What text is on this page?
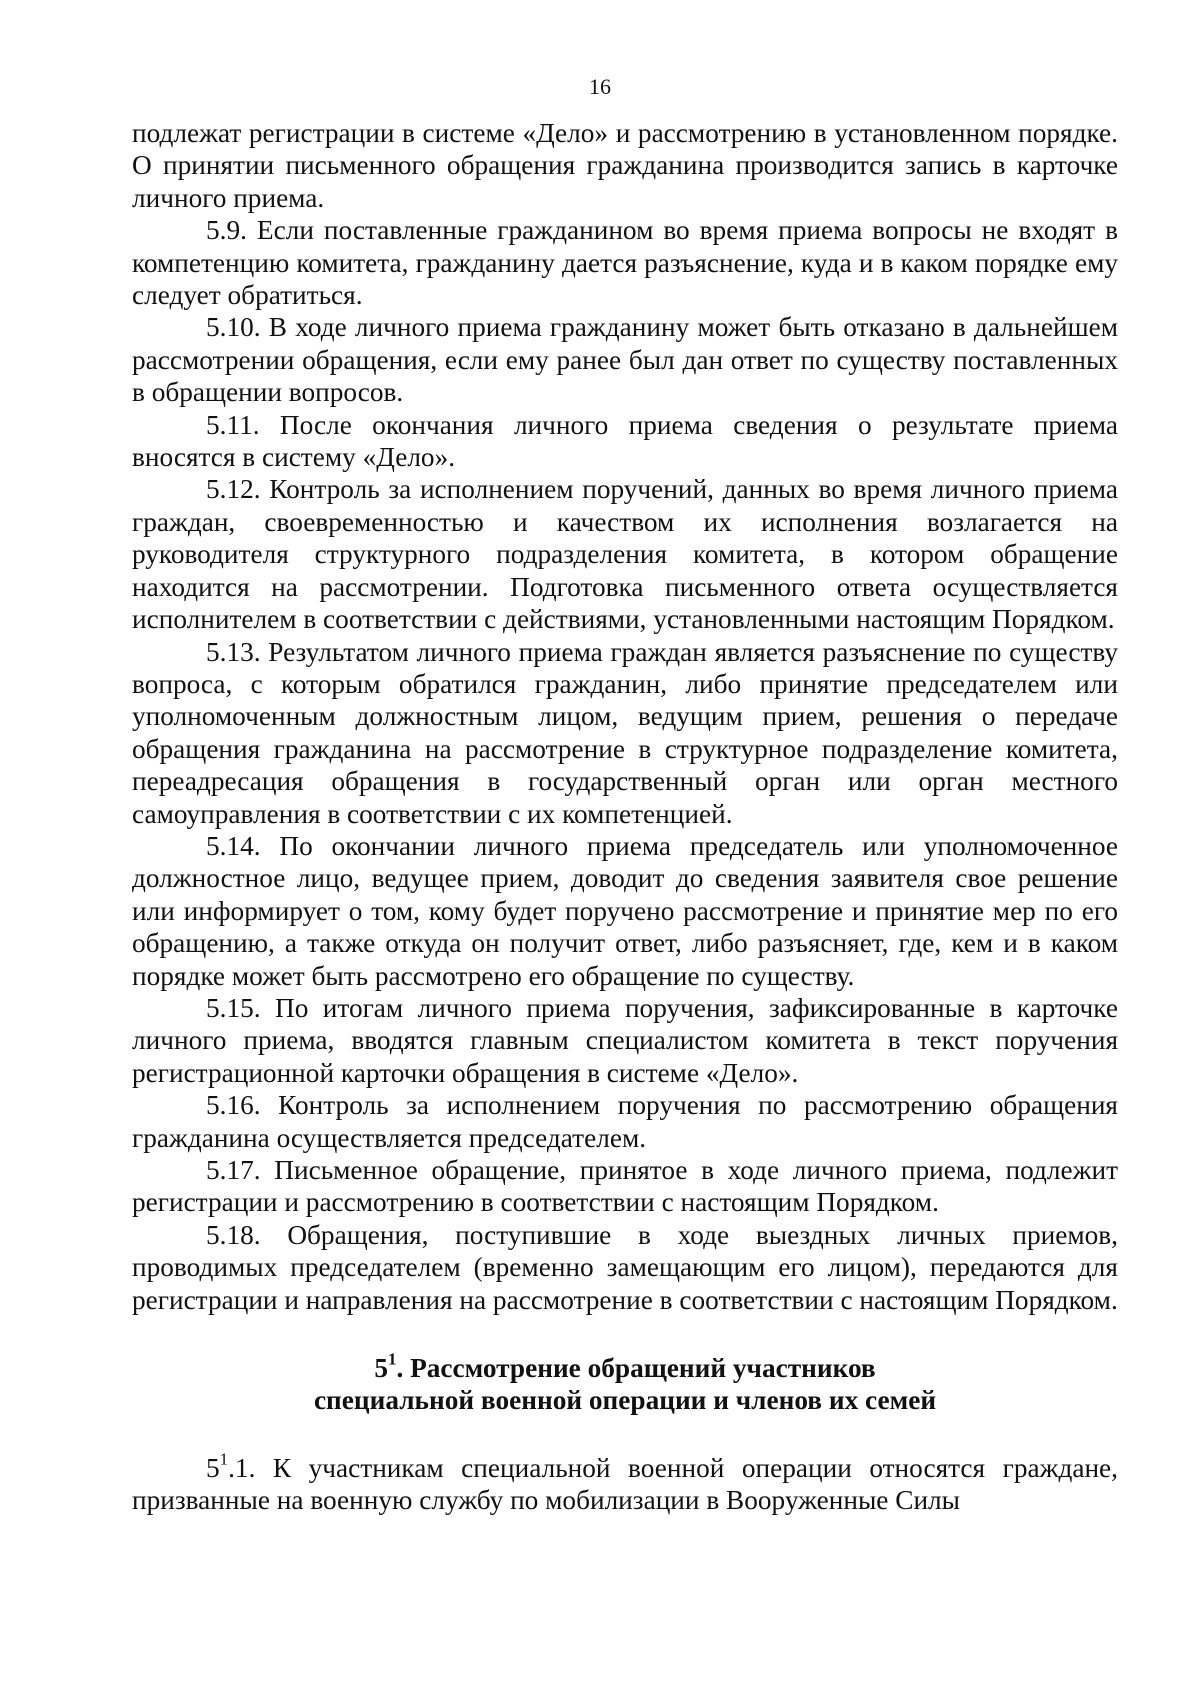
16

подлежат регистрации в системе «Дело» и рассмотрению в установленном порядке. О принятии письменного обращения гражданина производится запись в карточке личного приема.

5.9. Если поставленные гражданином во время приема вопросы не входят в компетенцию комитета, гражданину дается разъяснение, куда и в каком порядке ему следует обратиться.

5.10. В ходе личного приема гражданину может быть отказано в дальнейшем рассмотрении обращения, если ему ранее был дан ответ по существу поставленных в обращении вопросов.

5.11. После окончания личного приема сведения о результате приема вносятся в систему «Дело».

5.12. Контроль за исполнением поручений, данных во время личного приема граждан, своевременностью и качеством их исполнения возлагается на руководителя структурного подразделения комитета, в котором обращение находится на рассмотрении. Подготовка письменного ответа осуществляется исполнителем в соответствии с действиями, установленными настоящим Порядком.

5.13. Результатом личного приема граждан является разъяснение по существу вопроса, с которым обратился гражданин, либо принятие председателем или уполномоченным должностным лицом, ведущим прием, решения о передаче обращения гражданина на рассмотрение в структурное подразделение комитета, переадресация обращения в государственный орган или орган местного самоуправления в соответствии с их компетенцией.

5.14. По окончании личного приема председатель или уполномоченное должностное лицо, ведущее прием, доводит до сведения заявителя свое решение или информирует о том, кому будет поручено рассмотрение и принятие мер по его обращению, а также откуда он получит ответ, либо разъясняет, где, кем и в каком порядке может быть рассмотрено его обращение по существу.

5.15. По итогам личного приема поручения, зафиксированные в карточке личного приема, вводятся главным специалистом комитета в текст поручения регистрационной карточки обращения в системе «Дело».

5.16. Контроль за исполнением поручения по рассмотрению обращения гражданина осуществляется председателем.

5.17. Письменное обращение, принятое в ходе личного приема, подлежит регистрации и рассмотрению в соответствии с настоящим Порядком.

5.18. Обращения, поступившие в ходе выездных личных приемов, проводимых председателем (временно замещающим его лицом), передаются для регистрации и направления на рассмотрение в соответствии с настоящим Порядком.

$5^1$. Рассмотрение обращений участников
специальной военной операции и членов их семей

$5^1.1$. К участникам специальной военной операции относятся граждане, призванные на военную службу по мобилизации в Вооруженные Силы
